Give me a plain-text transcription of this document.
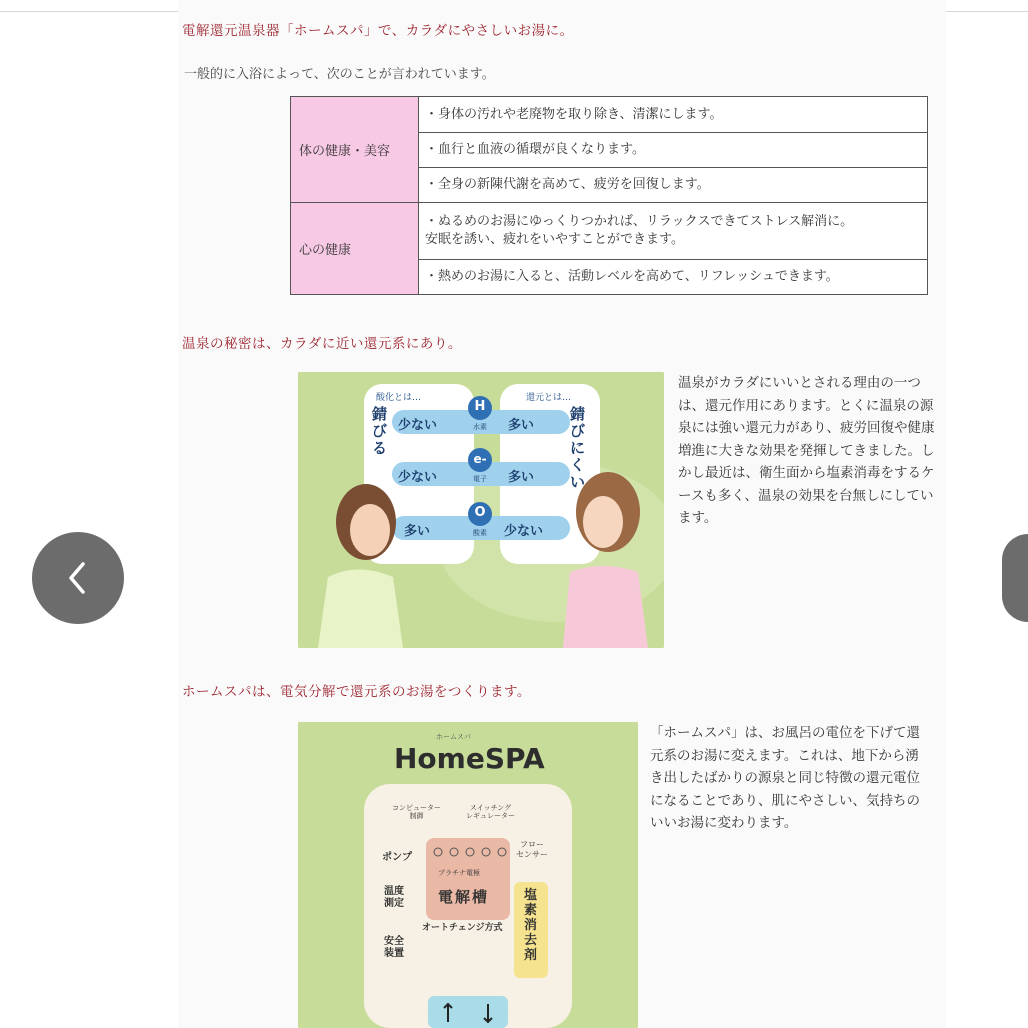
電解還元温泉器「ホームスパ」で、カラダにやさしいお湯に。
一般的に入浴によって、次のことが言われています。
体の健康・美容	・身体の汚れや老廃物を取り除き、清潔にします。
	・血行と血液の循環が良くなります。
	・全身の新陳代謝を高めて、疲労を回復します。
心の健康	・ぬるめのお湯にゆっくりつかれば、リラックスできてストレス解消に。
安眠を誘い、疲れをいやすことができます。
	・熱めのお湯に入ると、活動レベルを高めて、リフレッシュできます。
温泉の秘密は、カラダに近い還元系にあり。
酸化とは…	還元とは…
錆びる
錆びにくい
H
水素
少ない	多い
e-
電子
少ない	多い
O
酸素
多い	少ない
温泉がカラダにいいとされる理由の一つは、還元作用にあります。とくに温泉の源泉には強い還元力があり、疲労回復や健康増進に大きな効果を発揮してきました。しかし最近は、衛生面から塩素消毒をするケースも多く、温泉の効果を台無しにしています。
ホームスパは、電気分解で還元系のお湯をつくります。
ホームスパ
HomeSPA
コンピューター
制御
スイッチング
レギュレーター
ポンプ
フロー
センサー
温度
測定
安全
装置
プラチナ電極
電解槽
オートチェンジ方式
塩素消去剤
「ホームスパ」は、お風呂の電位を下げて還元系のお湯に変えます。これは、地下から湧き出したばかりの源泉と同じ特徴の還元電位になることであり、肌にやさしい、気持ちのいいお湯に変わります。
